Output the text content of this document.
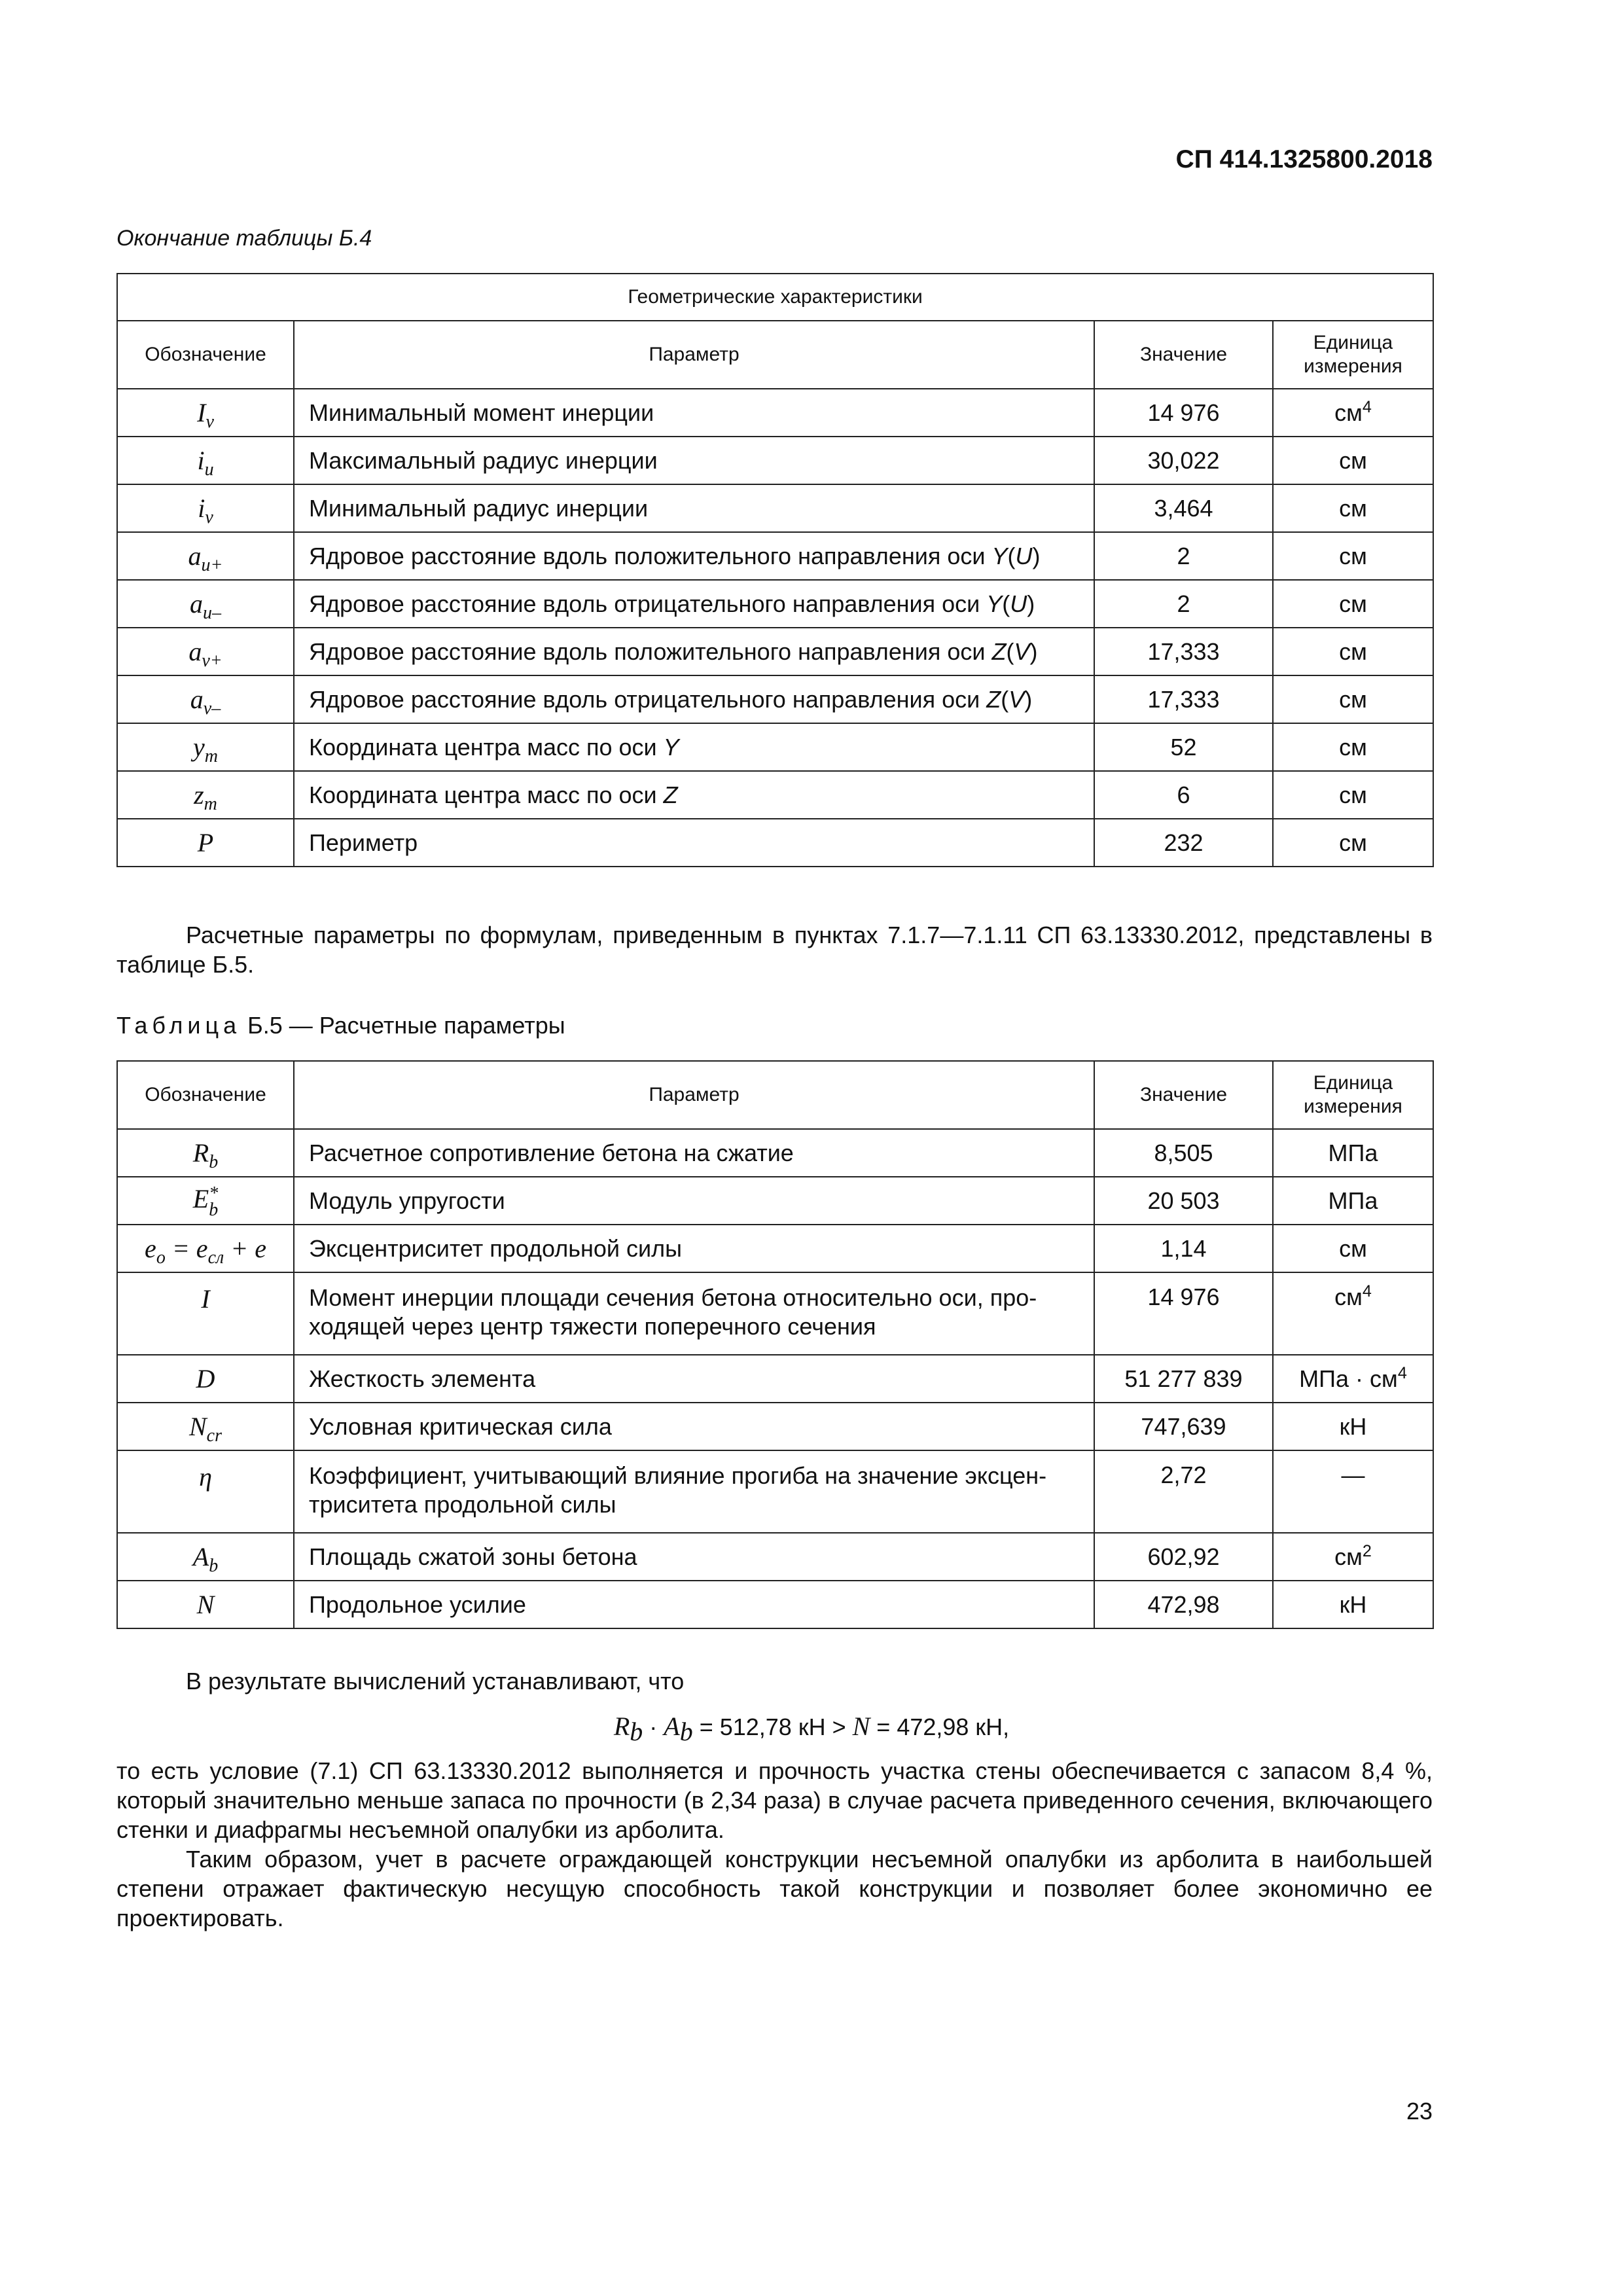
СП 414.1325800.2018
Окончание таблицы Б.4
Геометрические характеристики			
Обозначение	Параметр	Значение	Единица
измерения
$I_v$	Минимальный момент инерции	14 976	$см^4$
$i_u$	Максимальный радиус инерции	30,022	см
$i_v$	Минимальный радиус инерции	3,464	см
$a_{u+}$	Ядровое расстояние вдоль положительного направления оси Y(U)	2	см
$a_{u-}$	Ядровое расстояние вдоль отрицательного направления оси Y(U)	2	см
$a_{v+}$	Ядровое расстояние вдоль положительного направления оси Z(V)	17,333	см
$a_{v-}$	Ядровое расстояние вдоль отрицательного направления оси Z(V)	17,333	см
$y_m$	Координата центра масс по оси Y	52	см
$z_m$	Координата центра масс по оси Z	6	см
P	Периметр	232	см

Расчетные параметры по формулам, приведенным в пунктах 7.1.7—7.1.11 СП 63.13330.2012, представлены в таблице Б.5.

Таблица Б.5 — Расчетные параметры
Обозначение	Параметр	Значение	Единица
измерения
$R_b$	Расчетное сопротивление бетона на сжатие	8,505	МПа
E *
b	Модуль упругости	20 503	МПа
$e_o = e_{сл} + e$	Эксцентриситет продольной силы	1,14	см
I	Момент инерции площади сечения бетона относительно оси, про-
ходящей через центр тяжести поперечного сечения	14 976	$см^4$
D	Жесткость элемента	51 277 839	МПа · $см^4$
$N_{cr}$	Условная критическая сила	747,639	кН
η	Коэффициент, учитывающий влияние прогиба на значение эксцен-
триситета продольной силы	2,72	—
$A_b$	Площадь сжатой зоны бетона	602,92	$см^2$
N	Продольное усилие	472,98	кН

В результате вычислений устанавливают, что

$R_b \cdot A_b = 512,78$ кН > N = 472,98 кН,

то есть условие (7.1) СП 63.13330.2012 выполняется и прочность участка стены обеспечивается с запасом 8,4 %, который значительно меньше запаса по прочности (в 2,34 раза) в случае расчета приведенного сечения, включающего стенки и диафрагмы несъемной опалубки из арболита.

Таким образом, учет в расчете ограждающей конструкции несъемной опалубки из арболита в наибольшей степени отражает фактическую несущую способность такой конструкции и позволяет более экономично ее проектировать.

23
